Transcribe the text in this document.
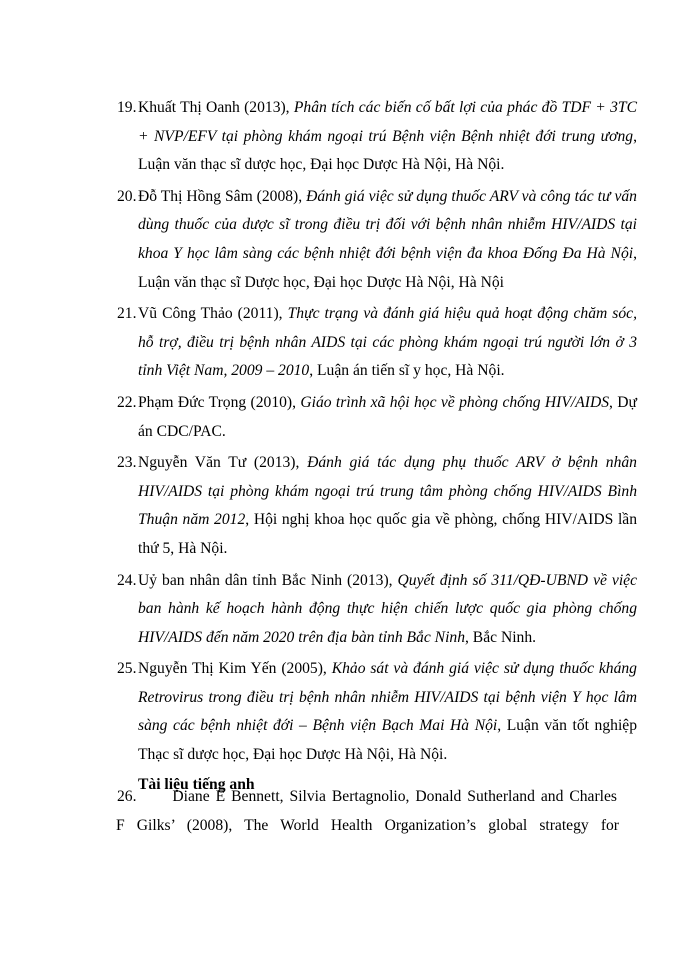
19. Khuất Thị Oanh (2013), Phân tích các biến cố bất lợi của phác đồ TDF + 3TC + NVP/EFV tại phòng khám ngoại trú Bệnh viện Bệnh nhiệt đới trung ương, Luận văn thạc sĩ dược học, Đại học Dược Hà Nội, Hà Nội.
20. Đỗ Thị Hồng Sâm (2008), Đánh giá việc sử dụng thuốc ARV và công tác tư vấn dùng thuốc của dược sĩ trong điều trị đối với bệnh nhân nhiễm HIV/AIDS tại khoa Y học lâm sàng các bệnh nhiệt đới bệnh viện đa khoa Đống Đa Hà Nội, Luận văn thạc sĩ Dược học, Đại học Dược Hà Nội, Hà Nội
21. Vũ Công Thảo (2011), Thực trạng và đánh giá hiệu quả hoạt động chăm sóc, hỗ trợ, điều trị bệnh nhân AIDS tại các phòng khám ngoại trú người lớn ở 3 tỉnh Việt Nam, 2009 – 2010, Luận án tiến sĩ y học, Hà Nội.
22. Phạm Đức Trọng (2010), Giáo trình xã hội học về phòng chống HIV/AIDS, Dự án CDC/PAC.
23. Nguyễn Văn Tư (2013), Đánh giá tác dụng phụ thuốc ARV ở bệnh nhân HIV/AIDS tại phòng khám ngoại trú trung tâm phòng chống HIV/AIDS Bình Thuận năm 2012, Hội nghị khoa học quốc gia về phòng, chống HIV/AIDS lần thứ 5, Hà Nội.
24. Uỷ ban nhân dân tỉnh Bắc Ninh (2013), Quyết định số 311/QĐ-UBND về việc ban hành kế hoạch hành động thực hiện chiến lược quốc gia phòng chống HIV/AIDS đến năm 2020 trên địa bàn tỉnh Bắc Ninh, Bắc Ninh.
25. Nguyễn Thị Kim Yến (2005), Khảo sát và đánh giá việc sử dụng thuốc kháng Retrovirus trong điều trị bệnh nhân nhiễm HIV/AIDS tại bệnh viện Y học lâm sàng các bệnh nhiệt đới – Bệnh viện Bạch Mai Hà Nội, Luận văn tốt nghiệp Thạc sĩ dược học, Đại học Dược Hà Nội, Hà Nội.
Tài liệu tiếng anh
26.      Diane E Bennett, Silvia Bertagnolio, Donald Sutherland and Charles
F Gilks’ (2008), The World Health Organization’s global strategy for
